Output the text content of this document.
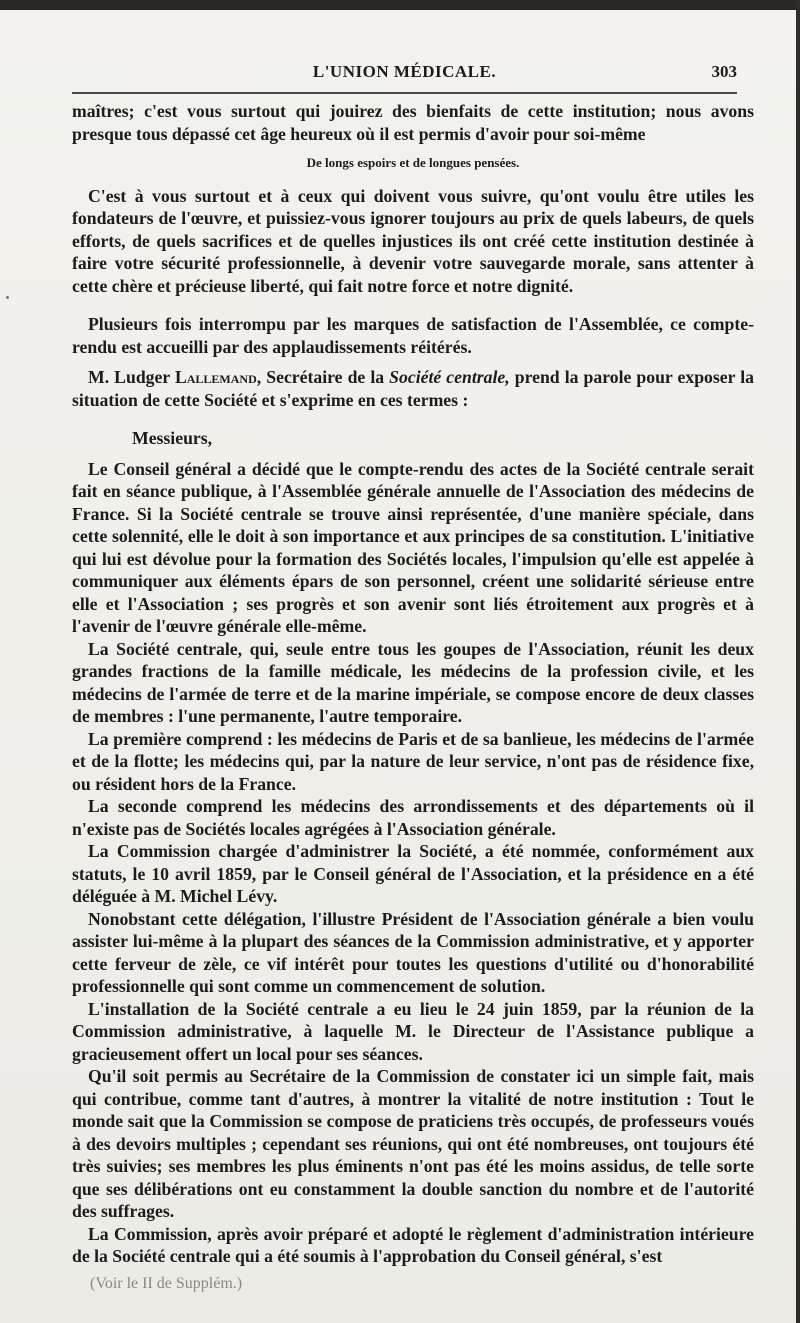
L'UNION MÉDICALE.	303

maîtres; c'est vous surtout qui jouirez des bienfaits de cette institution; nous avons presque tous dépassé cet âge heureux où il est permis d'avoir pour soi-même

De longs espoirs et de longues pensées.

C'est à vous surtout et à ceux qui doivent vous suivre, qu'ont voulu être utiles les fondateurs de l'œuvre, et puissiez-vous ignorer toujours au prix de quels labeurs, de quels efforts, de quels sacrifices et de quelles injustices ils ont créé cette institution destinée à faire votre sécurité professionnelle, à devenir votre sauvegarde morale, sans attenter à cette chère et précieuse liberté, qui fait notre force et notre dignité.

Plusieurs fois interrompu par les marques de satisfaction de l'Assemblée, ce compte-rendu est accueilli par des applaudissements réitérés.

M. Ludger Lallemand, Secrétaire de la Société centrale, prend la parole pour exposer la situation de cette Société et s'exprime en ces termes :

Messieurs,

Le Conseil général a décidé que le compte-rendu des actes de la Société centrale serait fait en séance publique, à l'Assemblée générale annuelle de l'Association des médecins de France. Si la Société centrale se trouve ainsi représentée, d'une manière spéciale, dans cette solennité, elle le doit à son importance et aux principes de sa constitution. L'initiative qui lui est dévolue pour la formation des Sociétés locales, l'impulsion qu'elle est appelée à communiquer aux éléments épars de son personnel, créent une solidarité sérieuse entre elle et l'Association ; ses progrès et son avenir sont liés étroitement aux progrès et à l'avenir de l'œuvre générale elle-même.

La Société centrale, qui, seule entre tous les goupes de l'Association, réunit les deux grandes fractions de la famille médicale, les médecins de la profession civile, et les médecins de l'armée de terre et de la marine impériale, se compose encore de deux classes de membres : l'une permanente, l'autre temporaire.

La première comprend : les médecins de Paris et de sa banlieue, les médecins de l'armée et de la flotte; les médecins qui, par la nature de leur service, n'ont pas de résidence fixe, ou résident hors de la France.

La seconde comprend les médecins des arrondissements et des départements où il n'existe pas de Sociétés locales agrégées à l'Association générale.

La Commission chargée d'administrer la Société, a été nommée, conformément aux statuts, le 10 avril 1859, par le Conseil général de l'Association, et la présidence en a été déléguée à M. Michel Lévy.

Nonobstant cette délégation, l'illustre Président de l'Association générale a bien voulu assister lui-même à la plupart des séances de la Commission administrative, et y apporter cette ferveur de zèle, ce vif intérêt pour toutes les questions d'utilité ou d'honorabilité professionnelle qui sont comme un commencement de solution.

L'installation de la Société centrale a eu lieu le 24 juin 1859, par la réunion de la Commission administrative, à laquelle M. le Directeur de l'Assistance publique a gracieusement offert un local pour ses séances.

Qu'il soit permis au Secrétaire de la Commission de constater ici un simple fait, mais qui contribue, comme tant d'autres, à montrer la vitalité de notre institution : Tout le monde sait que la Commission se compose de praticiens très occupés, de professeurs voués à des devoirs multiples ; cependant ses réunions, qui ont été nombreuses, ont toujours été très suivies; ses membres les plus éminents n'ont pas été les moins assidus, de telle sorte que ses délibérations ont eu constamment la double sanction du nombre et de l'autorité des suffrages.

La Commission, après avoir préparé et adopté le règlement d'administration intérieure de la Société centrale qui a été soumis à l'approbation du Conseil général, s'est

(Voir le II de Supplém.)
